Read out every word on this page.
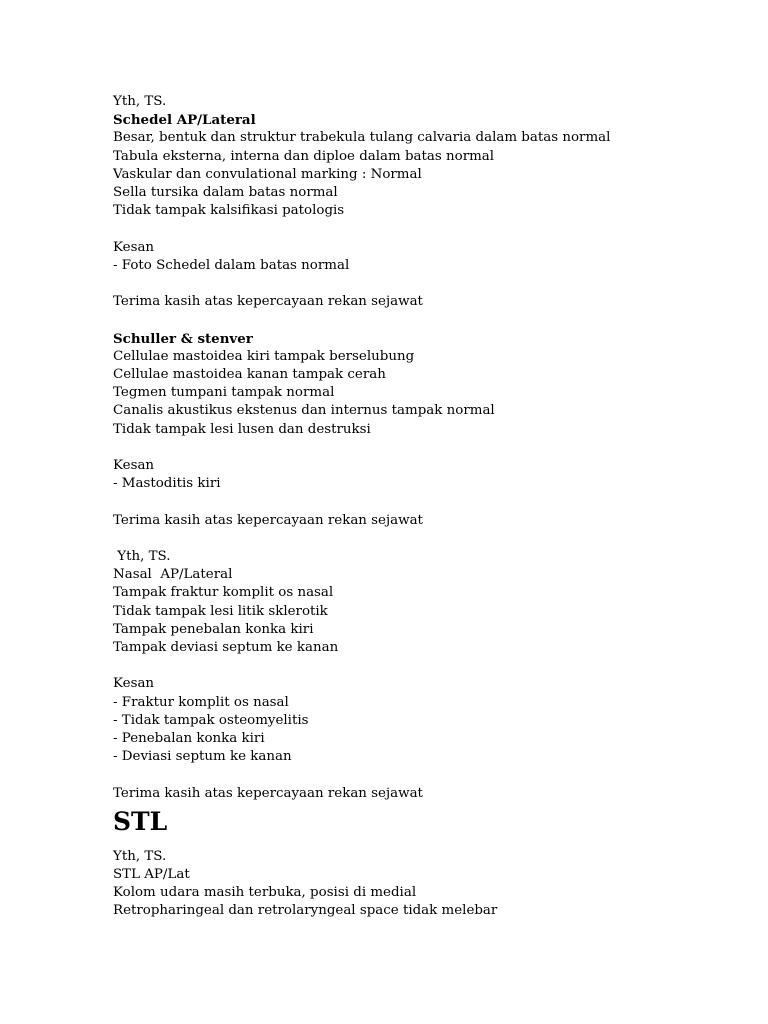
Yth, TS.
Schedel AP/Lateral
Besar, bentuk dan struktur trabekula tulang calvaria dalam batas normal
Tabula eksterna, interna dan diploe dalam batas normal
Vaskular dan convulational marking : Normal
Sella tursika dalam batas normal
Tidak tampak kalsifikasi patologis
Kesan
- Foto Schedel dalam batas normal
Terima kasih atas kepercayaan rekan sejawat
Schuller & stenver
Cellulae mastoidea kiri tampak berselubung
Cellulae mastoidea kanan tampak cerah
Tegmen tumpani tampak normal
Canalis akustikus ekstenus dan internus tampak normal
Tidak tampak lesi lusen dan destruksi
Kesan
- Mastoditis kiri
Terima kasih atas kepercayaan rekan sejawat
Yth, TS.
Nasal  AP/Lateral
Tampak fraktur komplit os nasal
Tidak tampak lesi litik sklerotik
Tampak penebalan konka kiri
Tampak deviasi septum ke kanan
Kesan
- Fraktur komplit os nasal
- Tidak tampak osteomyelitis
- Penebalan konka kiri
- Deviasi septum ke kanan
Terima kasih atas kepercayaan rekan sejawat
STL
Yth, TS.
STL AP/Lat
Kolom udara masih terbuka, posisi di medial
Retropharingeal dan retrolaryngeal space tidak melebar
